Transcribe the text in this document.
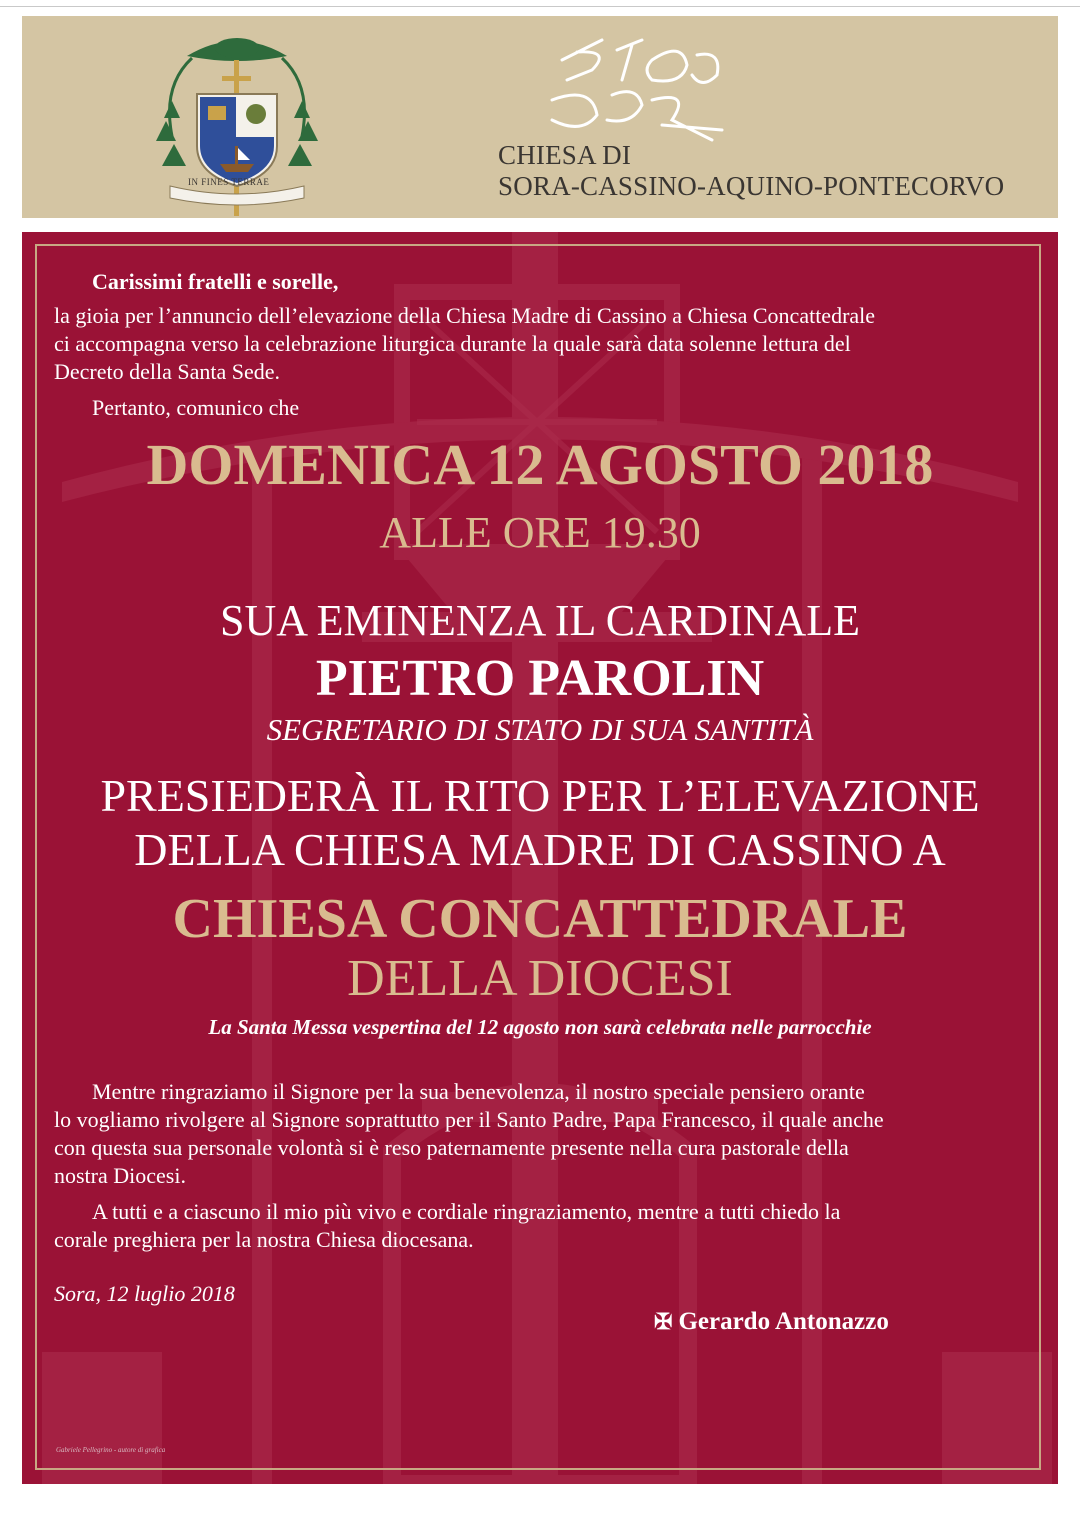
IN FINES TERRAE
CHIESA DI
SORA-CASSINO-AQUINO-PONTECORVO
Carissimi fratelli e sorelle,
la gioia per l’annuncio dell’elevazione della Chiesa Madre di Cassino a Chiesa Concattedrale
ci accompagna verso la celebrazione liturgica durante la quale sarà data solenne lettura del
Decreto della Santa Sede.
Pertanto, comunico che
DOMENICA 12 AGOSTO 2018
ALLE ORE 19.30
SUA EMINENZA IL CARDINALE
PIETRO PAROLIN
SEGRETARIO DI STATO DI SUA SANTITÀ
PRESIEDERÀ IL RITO PER L’ELEVAZIONE
DELLA CHIESA MADRE DI CASSINO A
CHIESA CONCATTEDRALE
DELLA DIOCESI
La Santa Messa vespertina del 12 agosto non sarà celebrata nelle parrocchie
Mentre ringraziamo il Signore per la sua benevolenza, il nostro speciale pensiero orante
lo vogliamo rivolgere al Signore soprattutto per il Santo Padre, Papa Francesco, il quale anche
con questa sua personale volontà si è reso paternamente presente nella cura pastorale della
nostra Diocesi.
A tutti e a ciascuno il mio più vivo e cordiale ringraziamento, mentre a tutti chiedo la
corale preghiera per la nostra Chiesa diocesana.
Sora, 12 luglio 2018
✠ Gerardo Antonazzo
Gabriele Pellegrino - autore di grafica
